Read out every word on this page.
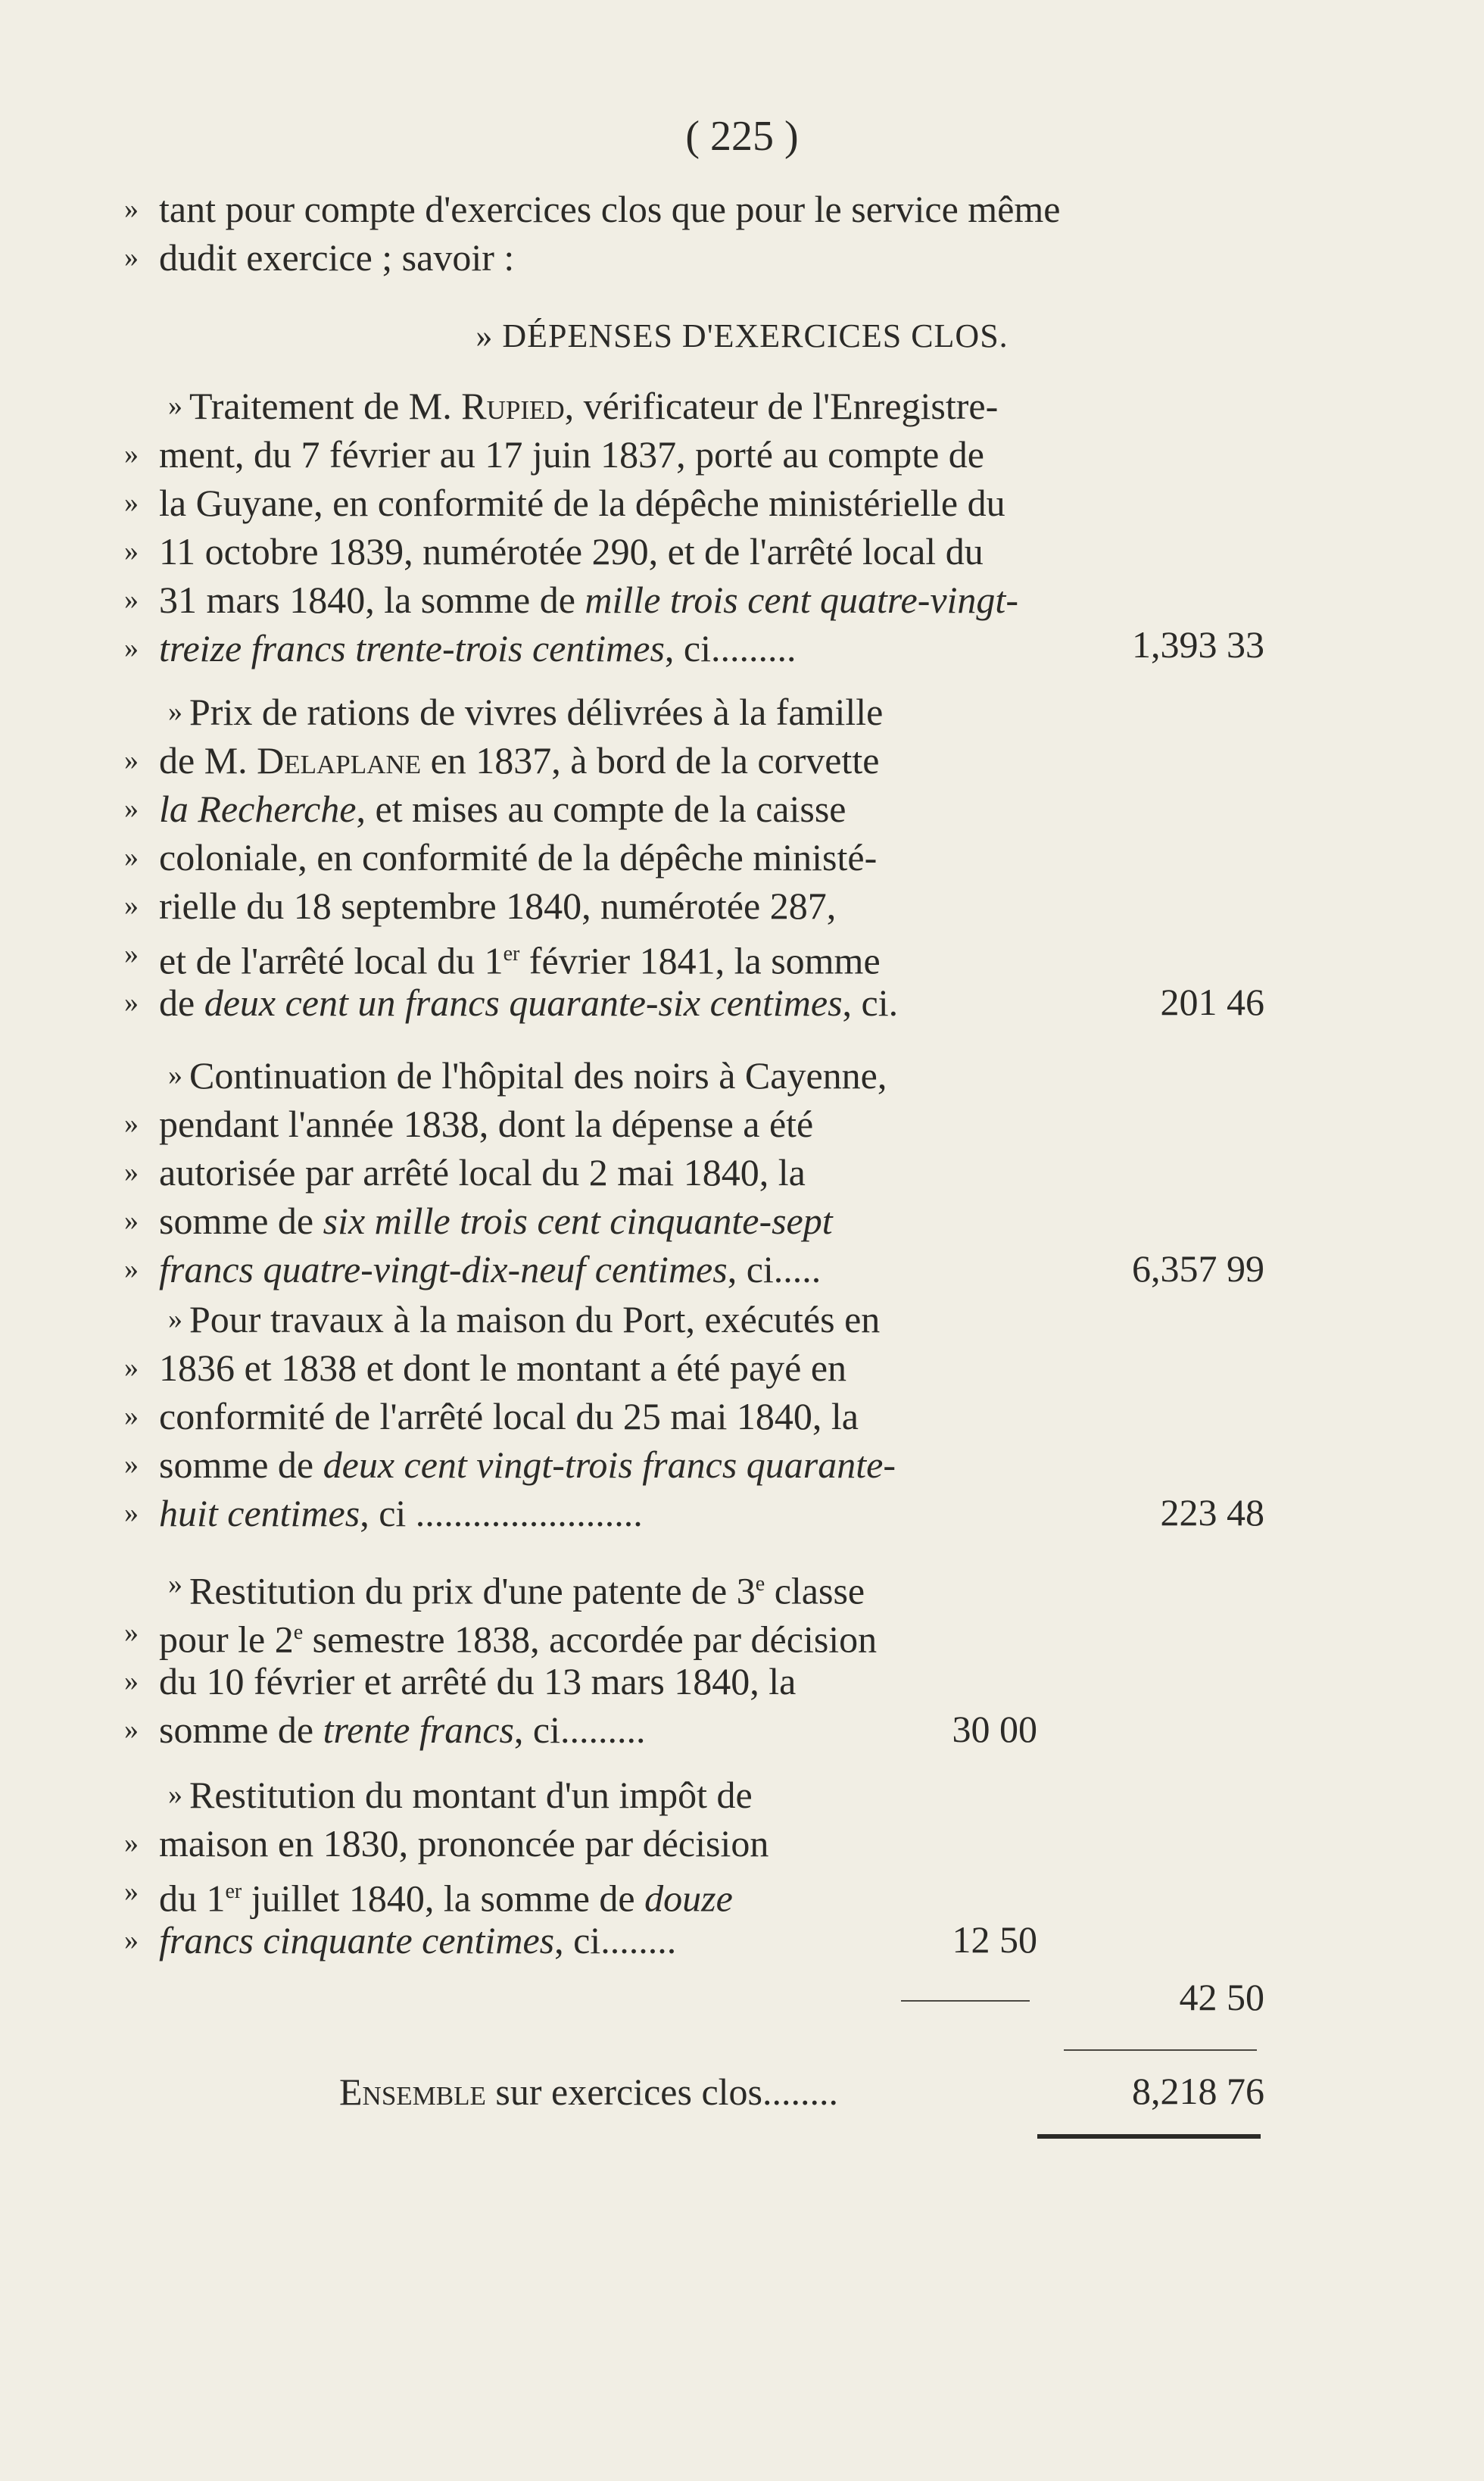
( 225 )
» tant pour compte d'exercices clos que pour le service même
» dudit exercice ; savoir :
» DÉPENSES D'EXERCICES CLOS.
» Traitement de M. Rupied, vérificateur de l'Enregistre-
» ment, du 7 février au 17 juin 1837, porté au compte de
» la Guyane, en conformité de la dépêche ministérielle du
» 11 octobre 1839, numérotée 290, et de l'arrêté local du
» 31 mars 1840, la somme de mille trois cent quatre-vingt-
» treize francs trente-trois centimes, ci.........	1,393 33
» Prix de rations de vivres délivrées à la famille
» de M. Delaplane en 1837, à bord de la corvette
» la Recherche, et mises au compte de la caisse
» coloniale, en conformité de la dépêche ministé-
» rielle du 18 septembre 1840, numérotée 287,
» et de l'arrêté local du 1er février 1841, la somme
» de deux cent un francs quarante-six centimes, ci.	201 46
» Continuation de l'hôpital des noirs à Cayenne,
» pendant l'année 1838, dont la dépense a été
» autorisée par arrêté local du 2 mai 1840, la
» somme de six mille trois cent cinquante-sept
» francs quatre-vingt-dix-neuf centimes, ci.....	6,357 99
» Pour travaux à la maison du Port, exécutés en
» 1836 et 1838 et dont le montant a été payé en
» conformité de l'arrêté local du 25 mai 1840, la
» somme de deux cent vingt-trois francs quarante-
» huit centimes, ci ........................	223 48
» Restitution du prix d'une patente de 3e classe
» pour le 2e semestre 1838, accordée par décision
» du 10 février et arrêté du 13 mars 1840, la
» somme de trente francs, ci.........	30 00
» Restitution du montant d'un impôt de
» maison en 1830, prononcée par décision
» du 1er juillet 1840, la somme de douze
» francs cinquante centimes, ci........	12 50
42 50
Ensemble sur exercices clos........	8,218 76
